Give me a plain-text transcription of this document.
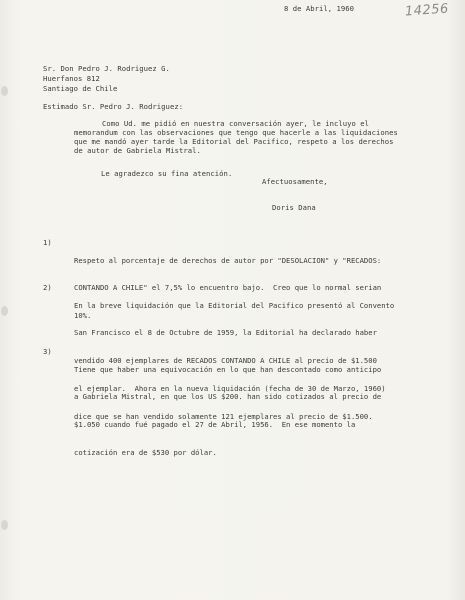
14256
8 de Abril, 1960
Sr. Don Pedro J. Rodriguez G.
Huerfanos 812
Santiago de Chile
Estimado Sr. Pedro J. Rodriguez:
Como Ud. me pidió en nuestra conversación ayer, le incluyo el
memorandum con las observaciones que tengo que hacerle a las liquidaciones
que me mandó ayer tarde la Editorial del Pacifico, respeto a los derechos
de autor de Gabriela Mistral.
Le agradezco su fina atención.
Afectuosamente,
Doris Dana
1)

Respeto al porcentaje de derechos de autor por "DESOLACION" y "RECADOS:

CONTANDO A CHILE" el 7,5% lo encuentro bajo.  Creo que lo normal serian

10%.

2)

En la breve liquidación que la Editorial del Pacifico presentó al Convento

San Francisco el 8 de Octubre de 1959, la Editorial ha declarado haber

vendido 400 ejemplares de RECADOS CONTANDO A CHILE al precio de $1.500

el ejemplar.  Ahora en la nueva liquidación (fecha de 30 de Marzo, 1960)

dice que se han vendido solamente 121 ejemplares al precio de $1.500.

3)

Tiene que haber una equivocación en lo que han descontado como anticipo

a Gabriela Mistral, en que los US $200. han sido cotizados al precio de

$1.050 cuando fué pagado el 27 de Abril, 1956.  En ese momento la

cotización era de $530 por dólar.
